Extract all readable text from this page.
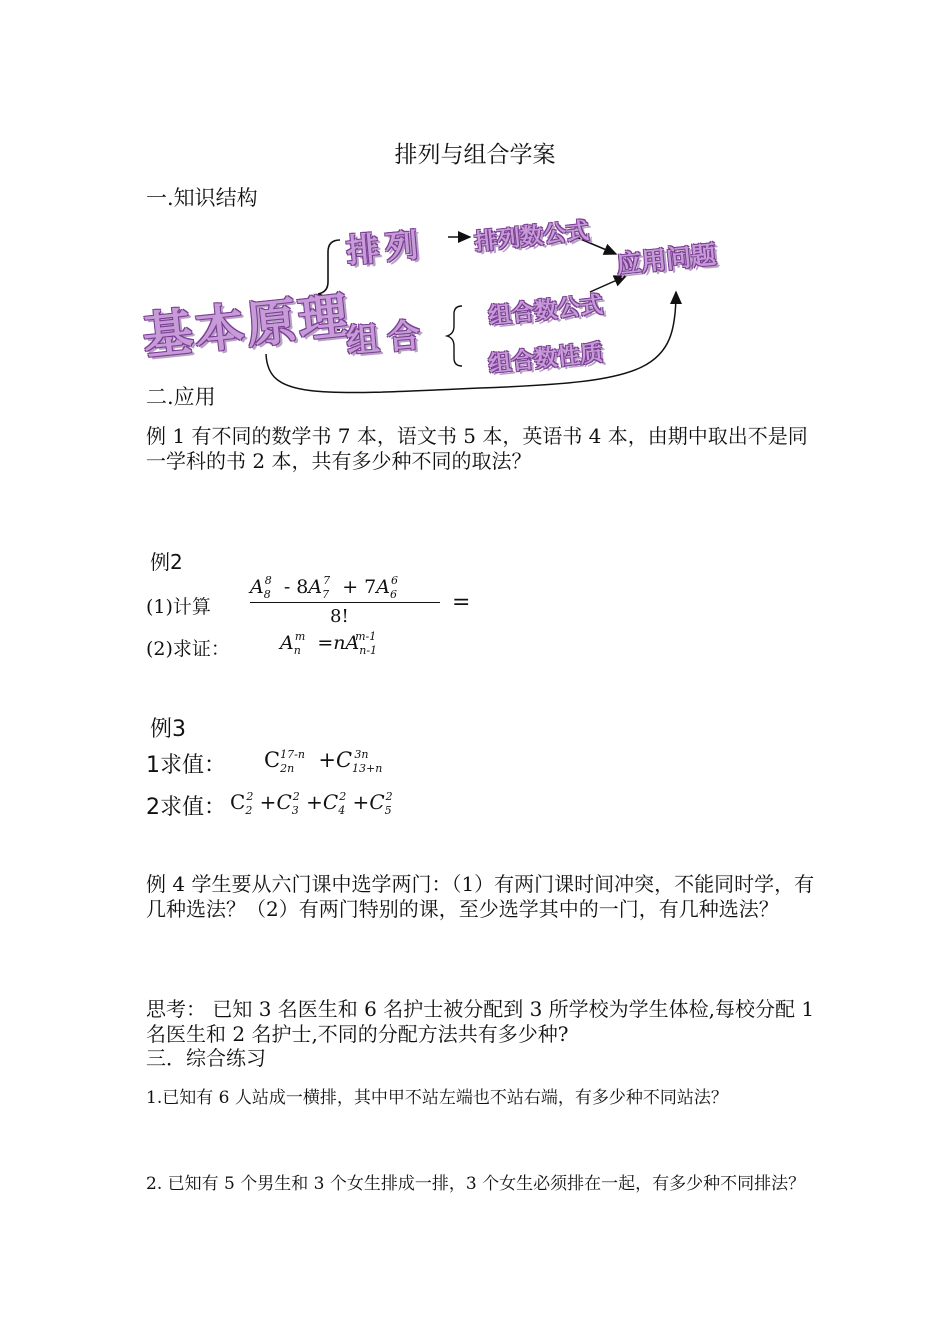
排列与组合学案
一.知识结构
基本原理
排列
组合
排列数公式
组合数公式
组合数性质
应用问题
二.应用
例 1 有不同的数学书 7 本，语文书 5 本，英语书 4 本，由期中取出不是同一学科的书 2 本，共有多少种不同的取法？
例2
(1)计算
$A_8^8 - 8A_7^7 + 7A_6^6$
8!
=
(2)求证：	$A_n^m =nA_{n-1}^{m-1}$
例3
1求值： $C_{2n}^{17-n} +C_{13+n}^{3n}$
2求值： $C_2^2 +C_3^2 +C_4^2 +C_5^2$
例 4 学生要从六门课中选学两门：（1）有两门课时间冲突，不能同时学，有几种选法？（2）有两门特别的课，至少选学其中的一门，有几种选法？
思考： 已知 3 名医生和 6 名护士被分配到 3 所学校为学生体检,每校分配 1 名医生和 2 名护士,不同的分配方法共有多少种?
三．综合练习
1.已知有 6 人站成一横排，其中甲不站左端也不站右端，有多少种不同站法？
2. 已知有 5 个男生和 3 个女生排成一排，3 个女生必须排在一起，有多少种不同排法？
